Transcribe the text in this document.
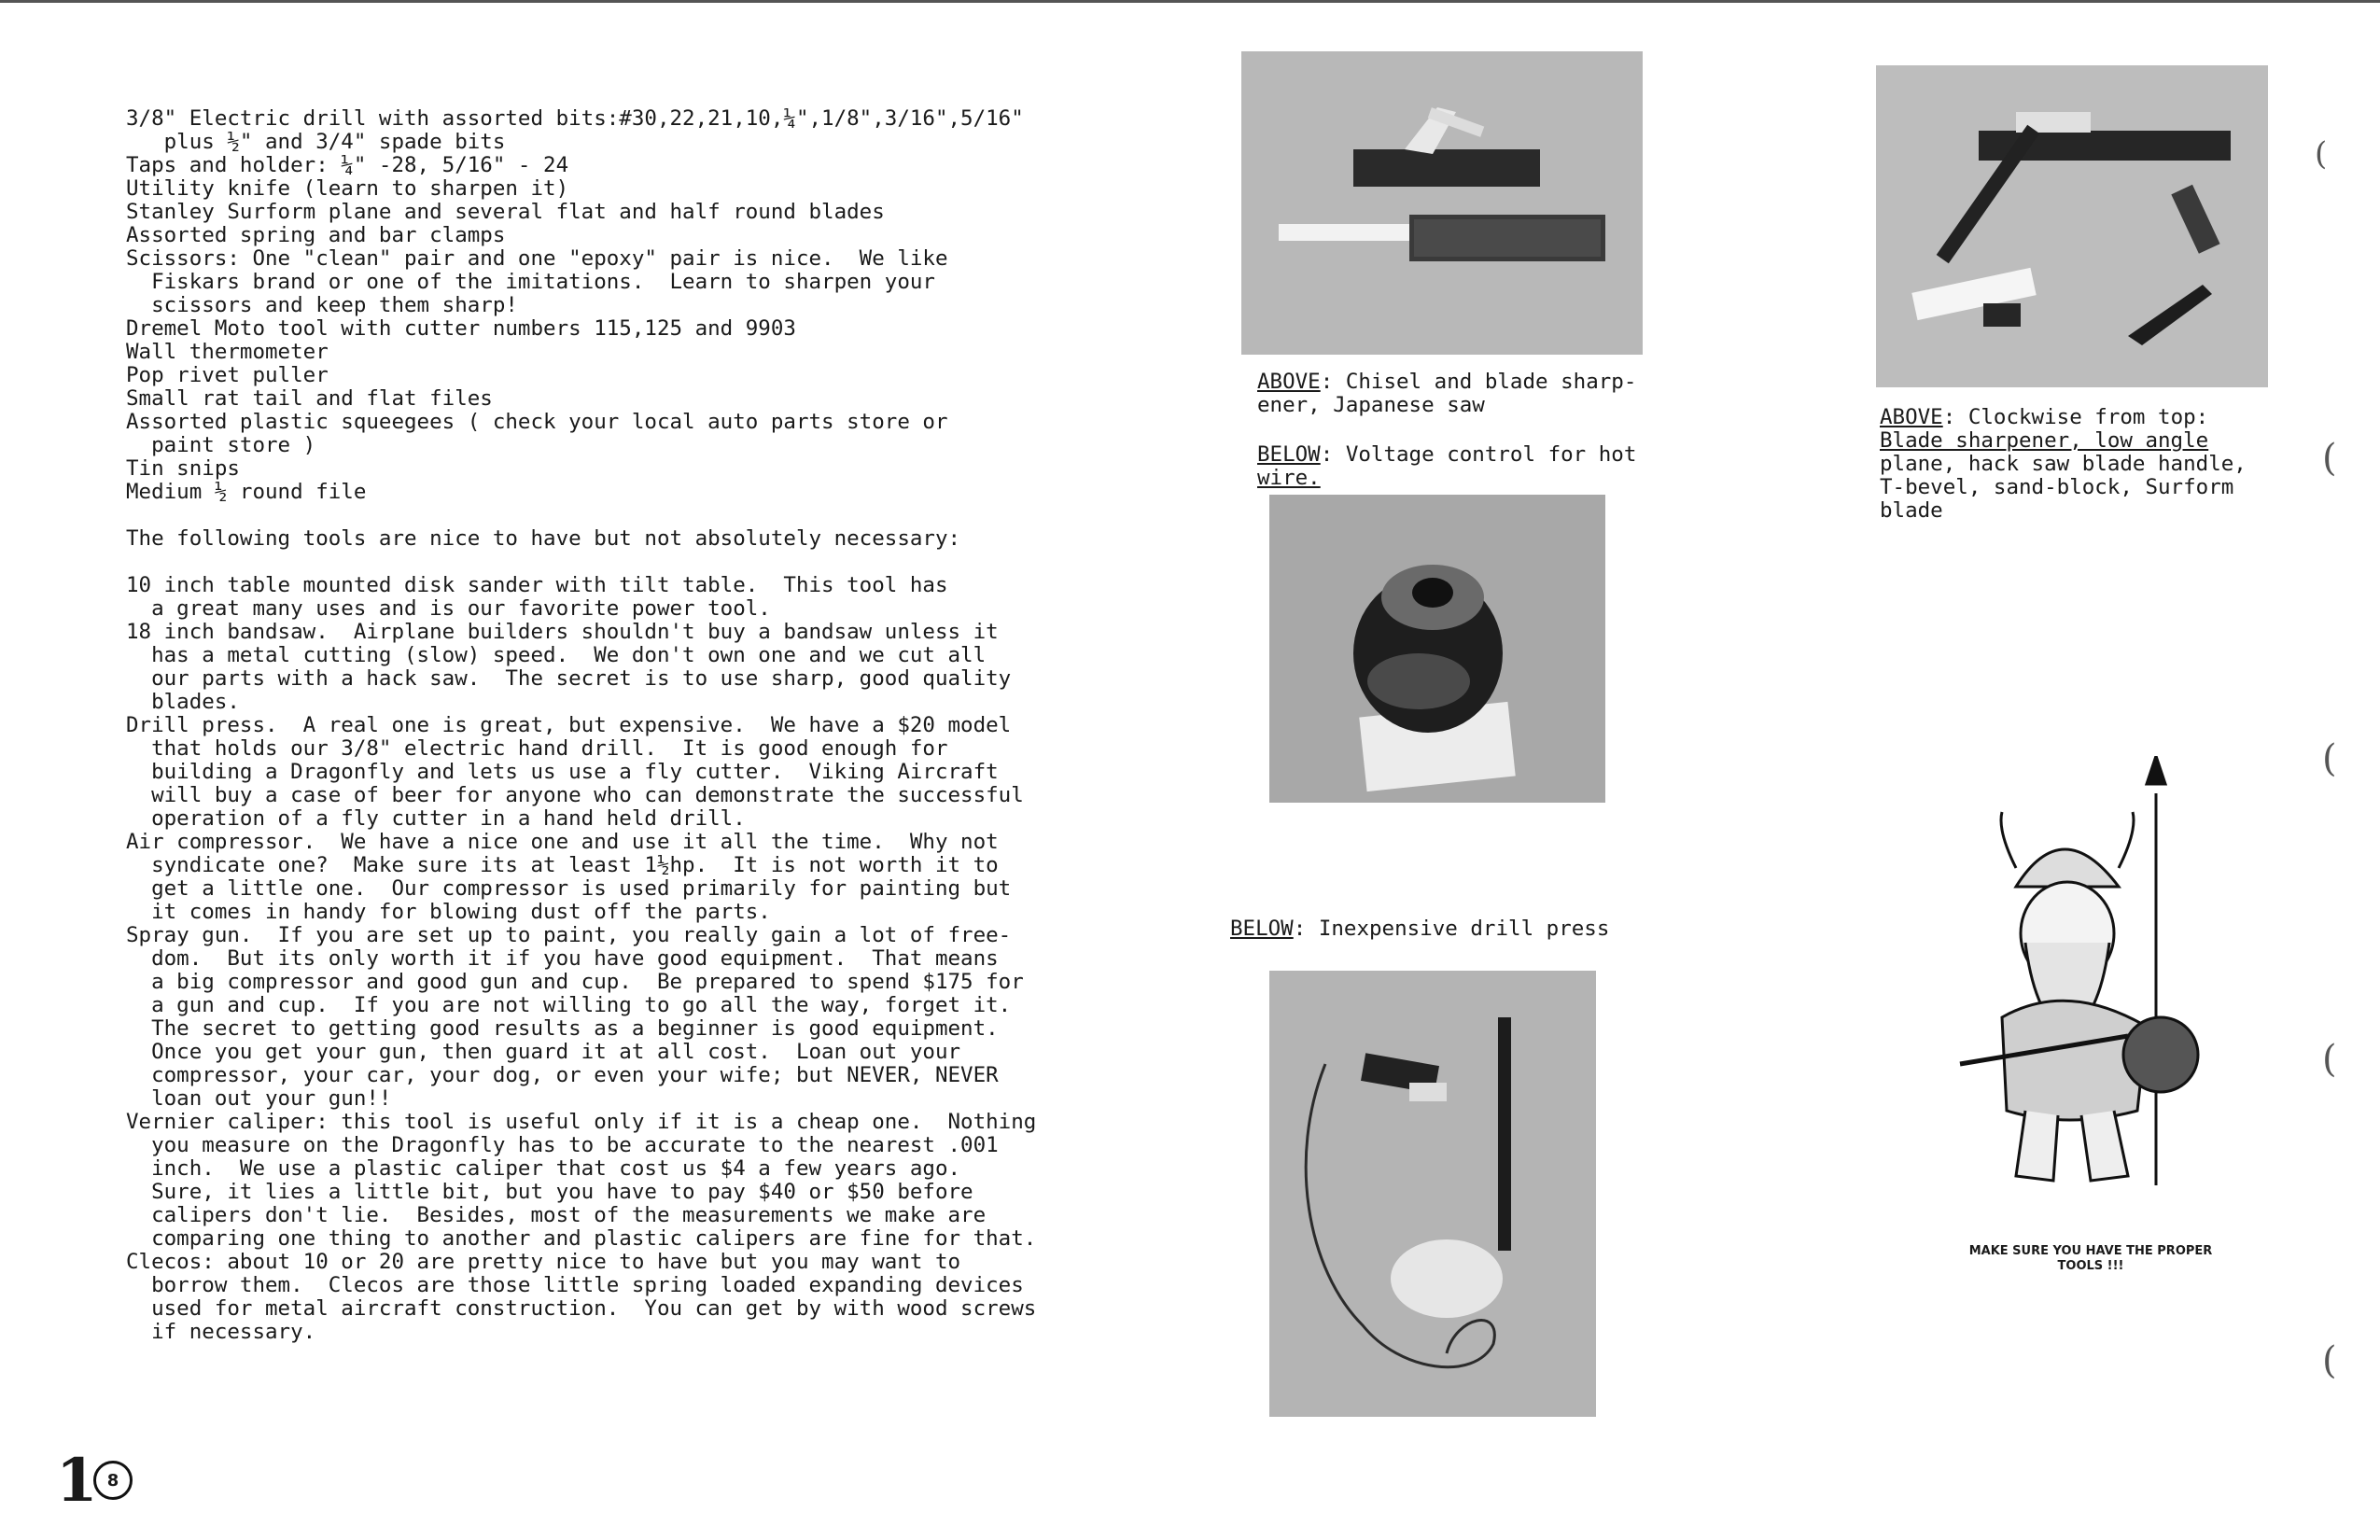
3/8" Electric drill with assorted bits:#30,22,21,10,¼",1/8",3/16",5/16"
plus ½" and 3/4" spade bits
Taps and holder: ¼" -28, 5/16" - 24
Utility knife (learn to sharpen it)
Stanley Surform plane and several flat and half round blades
Assorted spring and bar clamps
Scissors: One "clean" pair and one "epoxy" pair is nice.  We like
Fiskars brand or one of the imitations.  Learn to sharpen your
scissors and keep them sharp!
Dremel Moto tool with cutter numbers 115,125 and 9903
Wall thermometer
Pop rivet puller
Small rat tail and flat files
Assorted plastic squeegees ( check your local auto parts store or
paint store )
Tin snips
Medium ½ round file
The following tools are nice to have but not absolutely necessary:
10 inch table mounted disk sander with tilt table.  This tool has
a great many uses and is our favorite power tool.
18 inch bandsaw.  Airplane builders shouldn't buy a bandsaw unless it
has a metal cutting (slow) speed.  We don't own one and we cut all
our parts with a hack saw.  The secret is to use sharp, good quality
blades.
Drill press.  A real one is great, but expensive.  We have a $20 model
that holds our 3/8" electric hand drill.  It is good enough for
building a Dragonfly and lets us use a fly cutter.  Viking Aircraft
will buy a case of beer for anyone who can demonstrate the successful
operation of a fly cutter in a hand held drill.
Air compressor.  We have a nice one and use it all the time.  Why not
syndicate one?  Make sure its at least 1½hp.  It is not worth it to
get a little one.  Our compressor is used primarily for painting but
it comes in handy for blowing dust off the parts.
Spray gun.  If you are set up to paint, you really gain a lot of free-
dom.  But its only worth it if you have good equipment.  That means
a big compressor and good gun and cup.  Be prepared to spend $175 for
a gun and cup.  If you are not willing to go all the way, forget it.
The secret to getting good results as a beginner is good equipment.
Once you get your gun, then guard it at all cost.  Loan out your
compressor, your car, your dog, or even your wife; but NEVER, NEVER
loan out your gun!!
Vernier caliper: this tool is useful only if it is a cheap one.  Nothing
you measure on the Dragonfly has to be accurate to the nearest .001
inch.  We use a plastic caliper that cost us $4 a few years ago.
Sure, it lies a little bit, but you have to pay $40 or $50 before
calipers don't lie.  Besides, most of the measurements we make are
comparing one thing to another and plastic calipers are fine for that.
Clecos: about 10 or 20 are pretty nice to have but you may want to
borrow them.  Clecos are those little spring loaded expanding devices
used for metal aircraft construction.  You can get by with wood screws
if necessary.
ABOVE: Chisel and blade sharp-
ener, Japanese saw
BELOW: Voltage control for hot
wire.
BELOW: Inexpensive drill press
ABOVE: Clockwise from top:
Blade sharpener, low angle
plane, hack saw blade handle,
T-bevel, sand-block, Surform
blade
MAKE SURE YOU HAVE THE PROPER
TOOLS !!!
(
(
(
(
(
1 8
